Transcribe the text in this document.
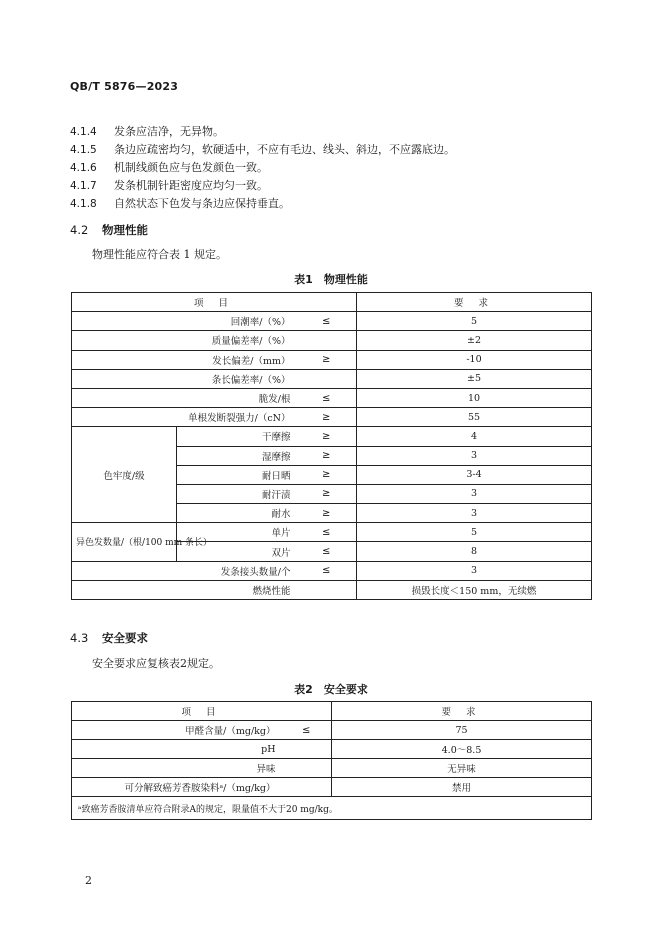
QB/T 5876—2023
4.1.4 发条应洁净，无异物。
4.1.5 条边应疏密均匀，软硬适中，不应有毛边、线头、斜边，不应露底边。
4.1.6 机制线颜色应与色发颜色一致。
4.1.7 发条机制针距密度应均匀一致。
4.1.8 自然状态下色发与条边应保持垂直。
4.2 物理性能
物理性能应符合表 1 规定。
表1　物理性能
项 目			要 求
回潮率/（%）		≤	5
质量偏差率/（%）			±2
发长偏差/（mm）		≥	-10
条长偏差率/（%）			±5
脆发/根		≤	10
单根发断裂强力/（cN）		≥	55
色牢度/级	干摩擦	≥	4
	湿摩擦	≥	3
	耐日晒	≥	3-4
	耐汗渍	≥	3
	耐水	≥	3
异色发数量/（根/100 mm 条长）	单片	≤	5
	双片	≤	8
发条接头数量/个		≤	3
燃烧性能			损毁长度＜150 mm，无续燃
4.3 安全要求
安全要求应复核表2规定。
表2　安全要求
项 目		要 求
甲醛含量/（mg/kg）	≤	75
pH		4.0～8.5
异味		无异味
可分解致癌芳香胺染料ᵃ/（mg/kg）		禁用
ᵃ致癌芳香胺清单应符合附录A的规定，限量值不大于20 mg/kg。		
2
